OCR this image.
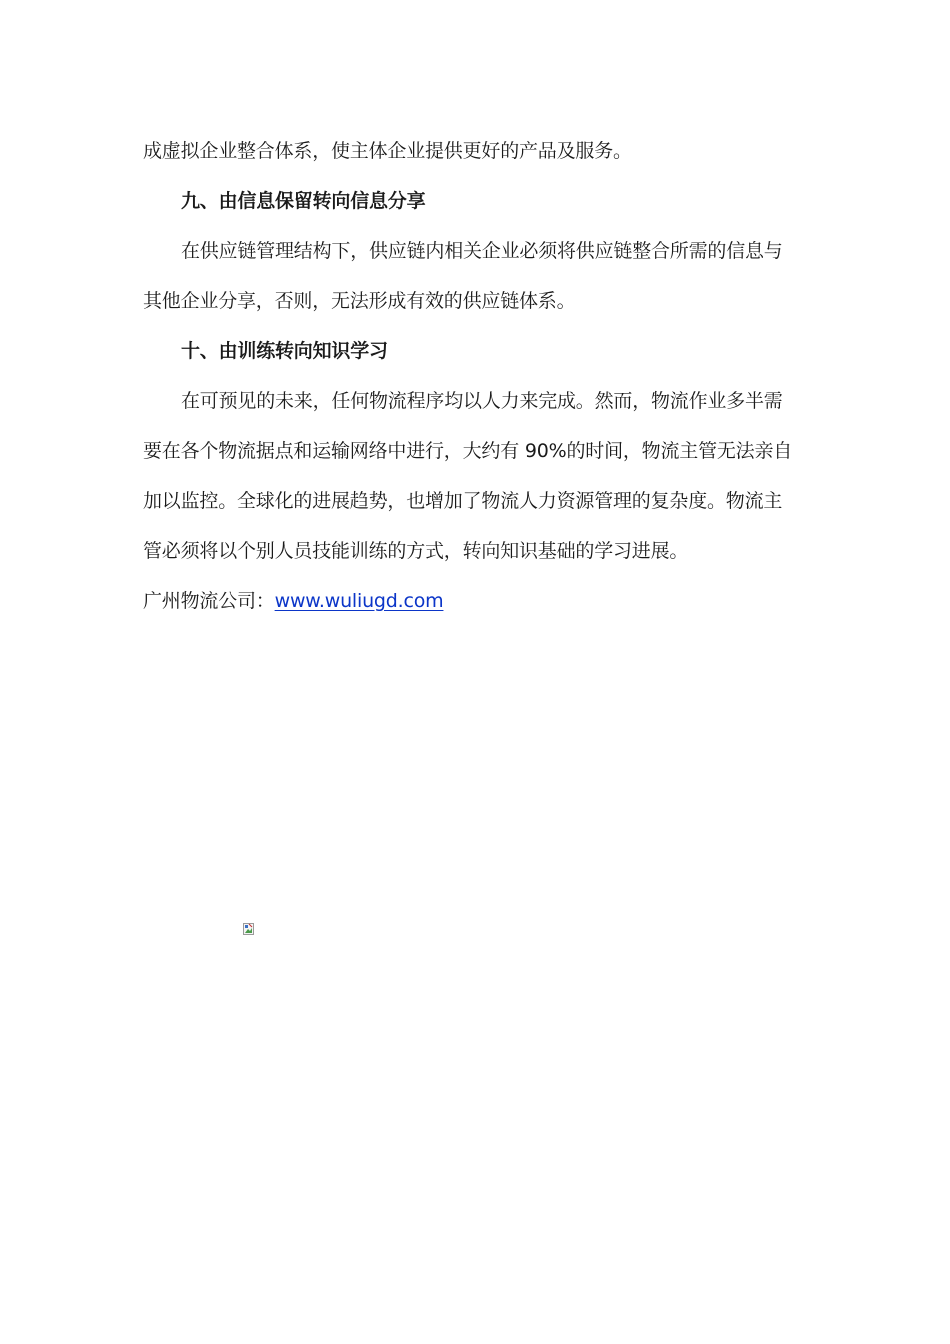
成虚拟企业整合体系，使主体企业提供更好的产品及服务。
九、由信息保留转向信息分享
在供应链管理结构下，供应链内相关企业必须将供应链整合所需的信息与
其他企业分享，否则，无法形成有效的供应链体系。
十、由训练转向知识学习
在可预见的未来，任何物流程序均以人力来完成。然而，物流作业多半需
要在各个物流据点和运输网络中进行，大约有 90%的时间，物流主管无法亲自
加以监控。全球化的进展趋势，也增加了物流人力资源管理的复杂度。物流主
管必须将以个别人员技能训练的方式，转向知识基础的学习进展。
广州物流公司：www.wuliugd.com
